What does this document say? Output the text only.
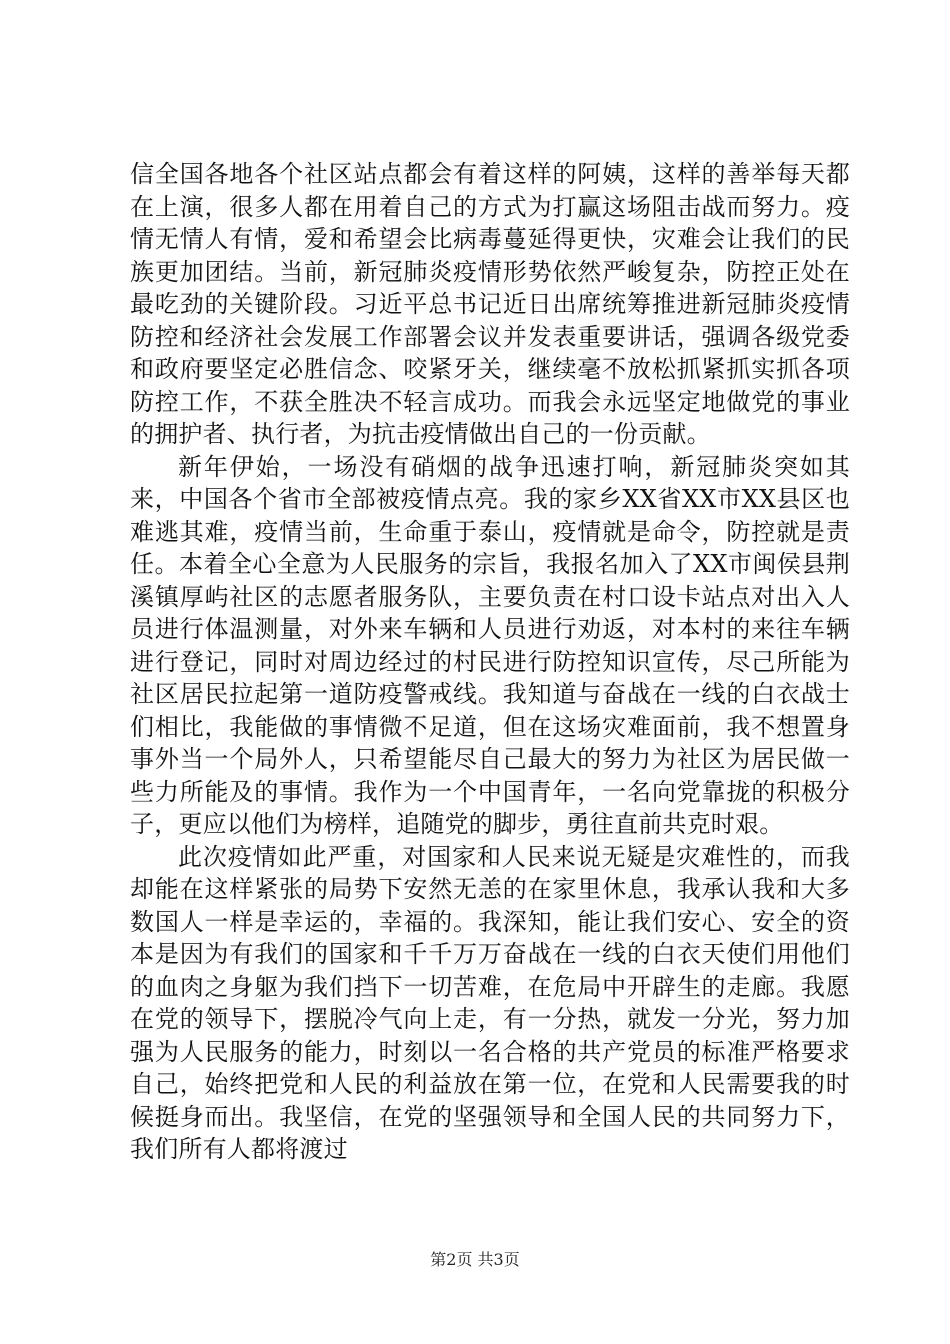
信全国各地各个社区站点都会有着这样的阿姨，这样的善举每天都在上演，很多人都在用着自己的方式为打赢这场阻击战而努力。疫情无情人有情，爱和希望会比病毒蔓延得更快，灾难会让我们的民族更加团结。当前，新冠肺炎疫情形势依然严峻复杂，防控正处在最吃劲的关键阶段。习近平总书记近日出席统筹推进新冠肺炎疫情防控和经济社会发展工作部署会议并发表重要讲话，强调各级党委和政府要坚定必胜信念、咬紧牙关，继续毫不放松抓紧抓实抓各项防控工作，不获全胜决不轻言成功。而我会永远坚定地做党的事业的拥护者、执行者，为抗击疫情做出自己的一份贡献。

新年伊始，一场没有硝烟的战争迅速打响，新冠肺炎突如其来，中国各个省市全部被疫情点亮。我的家乡XX省XX市XX县区也难逃其难，疫情当前，生命重于泰山，疫情就是命令，防控就是责任。本着全心全意为人民服务的宗旨，我报名加入了XX市闽侯县荆溪镇厚屿社区的志愿者服务队，主要负责在村口设卡站点对出入人员进行体温测量，对外来车辆和人员进行劝返，对本村的来往车辆进行登记，同时对周边经过的村民进行防控知识宣传，尽己所能为社区居民拉起第一道防疫警戒线。我知道与奋战在一线的白衣战士们相比，我能做的事情微不足道，但在这场灾难面前，我不想置身事外当一个局外人，只希望能尽自己最大的努力为社区为居民做一些力所能及的事情。我作为一个中国青年，一名向党靠拢的积极分子，更应以他们为榜样，追随党的脚步，勇往直前共克时艰。

此次疫情如此严重，对国家和人民来说无疑是灾难性的，而我却能在这样紧张的局势下安然无恙的在家里休息，我承认我和大多数国人一样是幸运的，幸福的。我深知，能让我们安心、安全的资本是因为有我们的国家和千千万万奋战在一线的白衣天使们用他们的血肉之身躯为我们挡下一切苦难，在危局中开辟生的走廊。我愿在党的领导下，摆脱冷气向上走，有一分热，就发一分光，努力加强为人民服务的能力，时刻以一名合格的共产党员的标准严格要求自己，始终把党和人民的利益放在第一位，在党和人民需要我的时候挺身而出。我坚信，在党的坚强领导和全国人民的共同努力下，我们所有人都将渡过

第2页 共3页
